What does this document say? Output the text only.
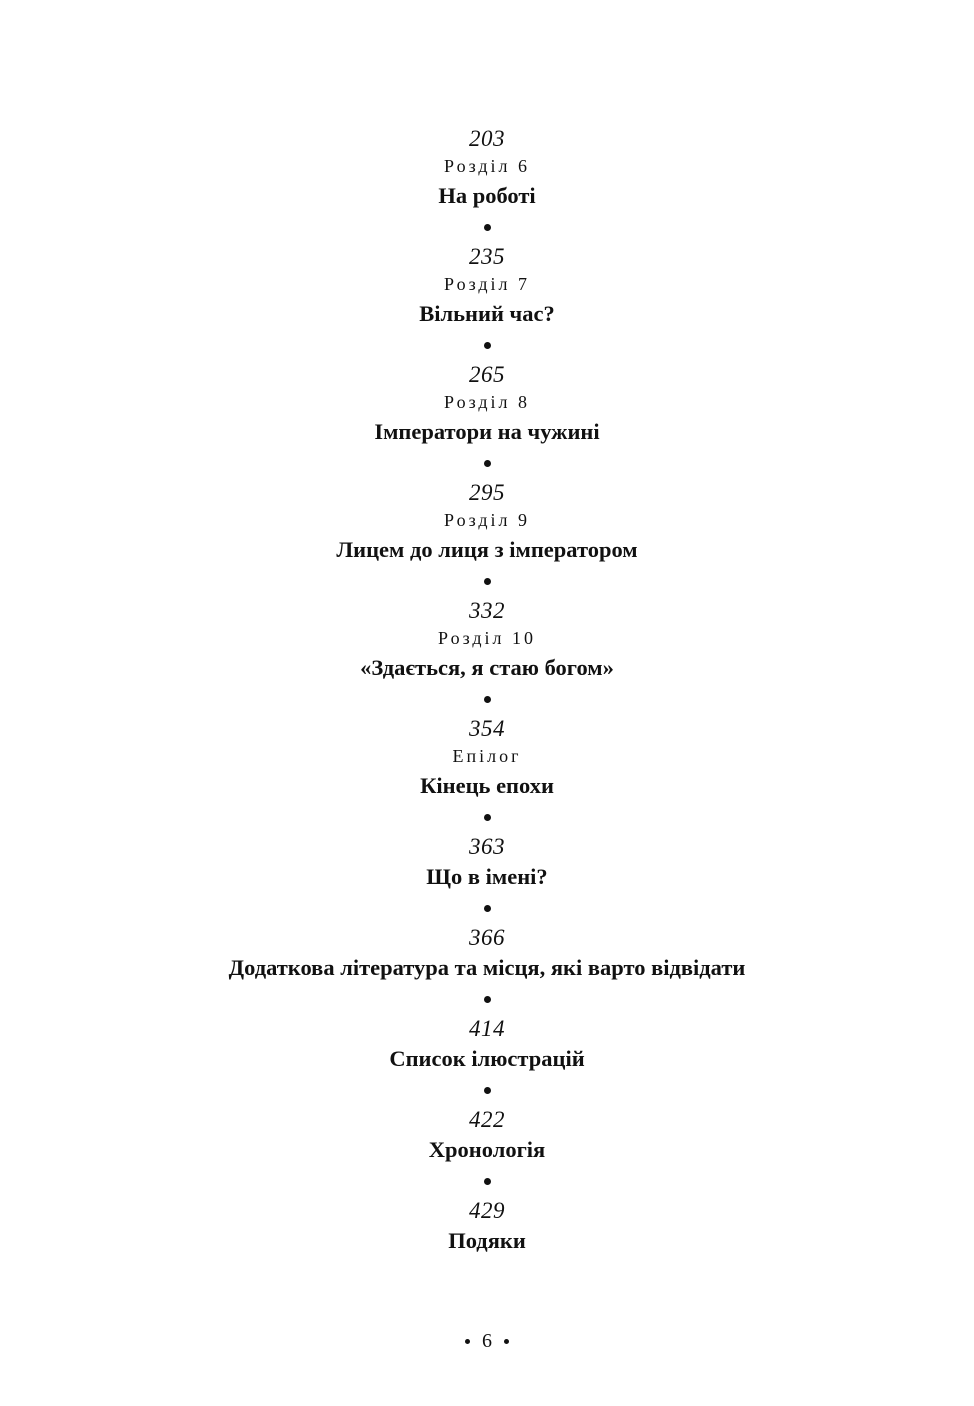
203
Розділ 6
На роботі
235
Розділ 7
Вільний час?
265
Розділ 8
Імператори на чужині
295
Розділ 9
Лицем до лиця з імператором
332
Розділ 10
«Здається, я стаю богом»
354
Епілог
Кінець епохи
363
Що в імені?
366
Додаткова література та місця, які варто відвідати
414
Список ілюстрацій
422
Хронологія
429
Подяки
6
